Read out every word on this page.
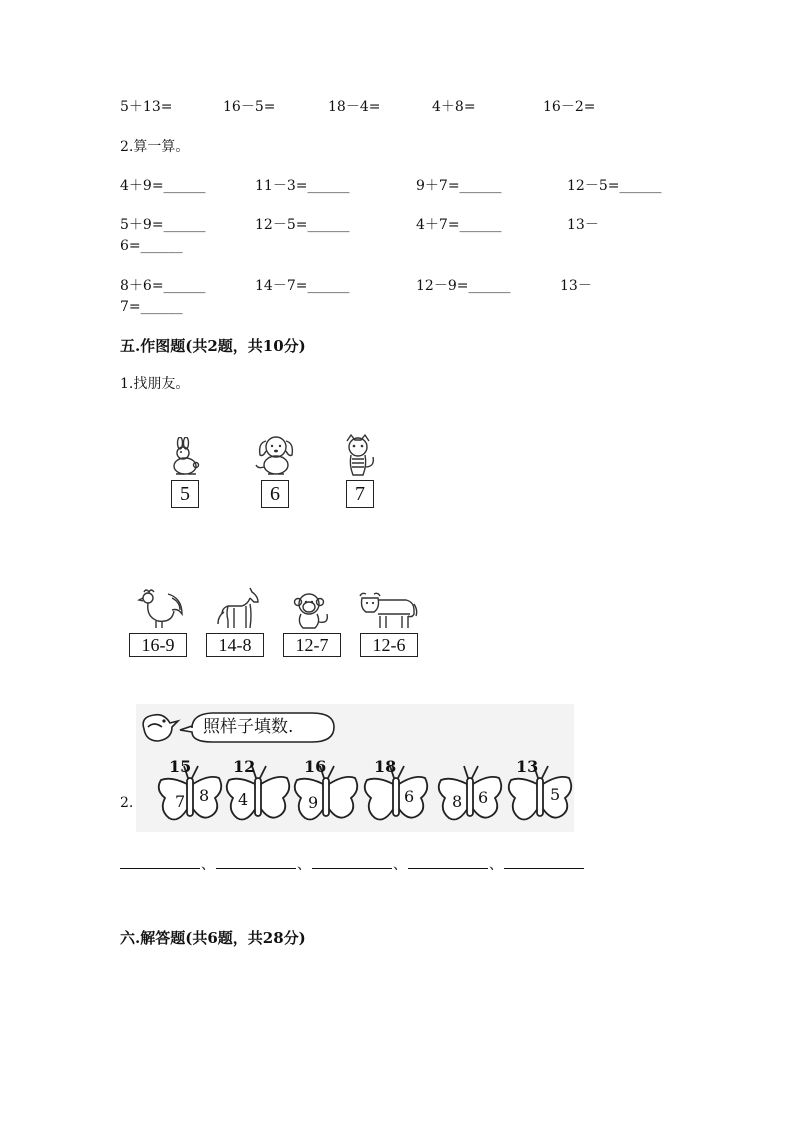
5＋13=	16－5=	18－4=	4＋8=	16－2=
2.算一算。
4＋9=______	11－3=______	9＋7=______	12－5=______
5＋9=______	12－5=______	4＋7=______	13－
6=______
8＋6=______	14－7=______	12－9=______	13－
7=______
五.作图题(共2题，共10分)
1.找朋友。
5	6	7
16-9	14-8	12-7	12-6
照样子填数.
2.
15
7 8
12
4
16
9
18
6 8 6
13
5
、	、	、	、
六.解答题(共6题，共28分)
